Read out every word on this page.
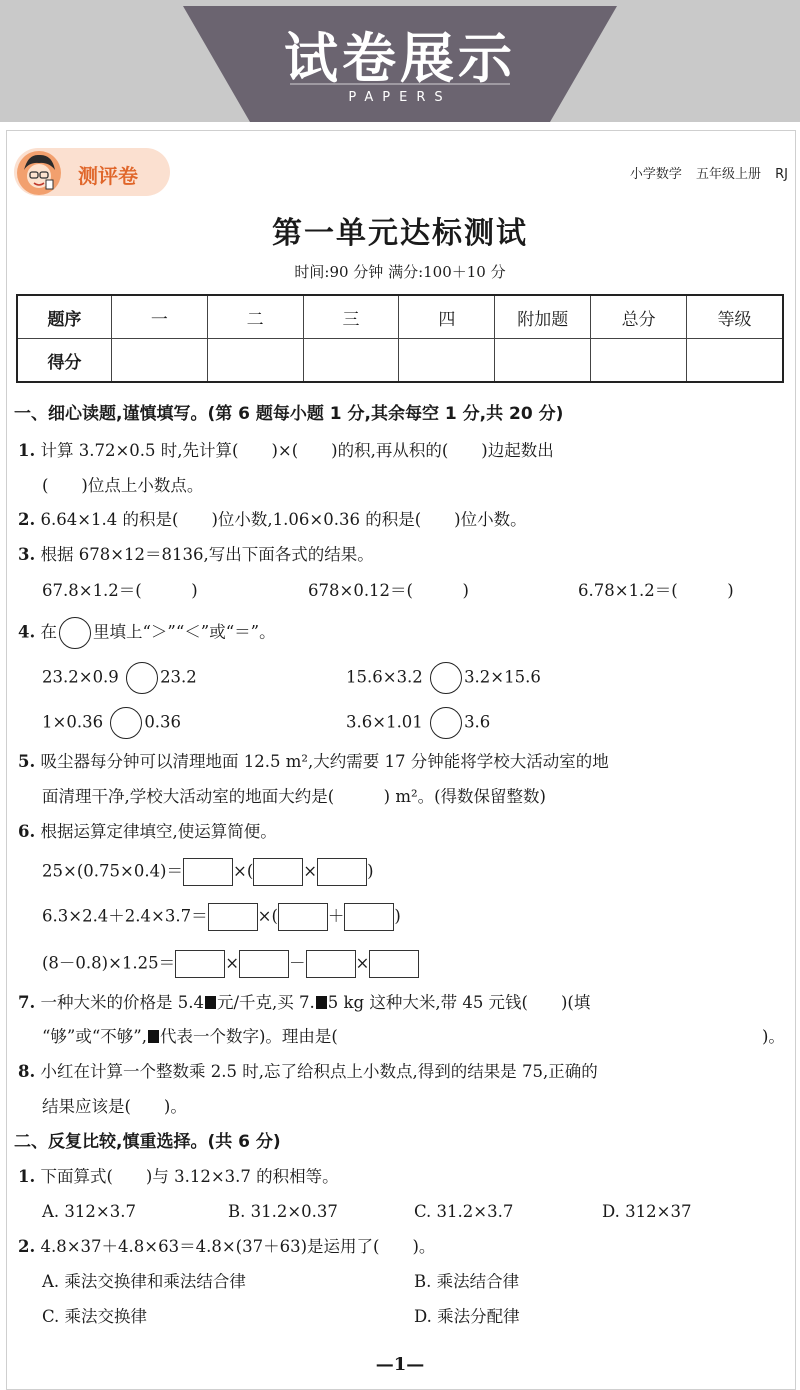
试卷展示
PAPERS
测评卷	小学数学 五年级上册 RJ
第一单元达标测试
时间:90 分钟 满分:100＋10 分
题序	一	二	三	四	附加题	总分	等级
得分							
一、细心读题,谨慎填写。(第 6 题每小题 1 分,其余每空 1 分,共 20 分)
1. 计算 3.72×0.5 时,先计算(　　)×(　　)的积,再从积的(　　)边起数出
(　　)位点上小数点。
2. 6.64×1.4 的积是(　　)位小数,1.06×0.36 的积是(　　)位小数。
3. 根据 678×12＝8136,写出下面各式的结果。
67.8×1.2＝(　　　)	678×0.12＝(　　　)	6.78×1.2＝(　　　)
4. 在 里填上“＞”“＜”或“＝”。
23.2×0.9	23.2	15.6×3.2	3.2×15.6
1×0.36	0.36	3.6×1.01	3.6
5. 吸尘器每分钟可以清理地面 12.5 m²,大约需要 17 分钟能将学校大活动室的地
面清理干净,学校大活动室的地面大约是(　　　) m²。(得数保留整数)
6. 根据运算定律填空,使运算简便。
25×(0.75×0.4)＝	×(	×	)
6.3×2.4＋2.4×3.7＝	×(	＋	)
(8－0.8)×1.25＝	×	－	×
7. 一种大米的价格是 5.4 元/千克,买 7. 5 kg 这种大米,带 45 元钱(　　)(填
“够”或“不够”, 代表一个数字)。理由是(	)。
8. 小红在计算一个整数乘 2.5 时,忘了给积点上小数点,得到的结果是 75,正确的
结果应该是(　　)。
二、反复比较,慎重选择。(共 6 分)
1. 下面算式(　　)与 3.12×3.7 的积相等。
A. 312×3.7	B. 31.2×0.37	C. 31.2×3.7	D. 312×37
2. 4.8×37＋4.8×63＝4.8×(37＋63)是运用了(　　)。
A. 乘法交换律和乘法结合律	B. 乘法结合律
C. 乘法交换律	D. 乘法分配律
—1—
